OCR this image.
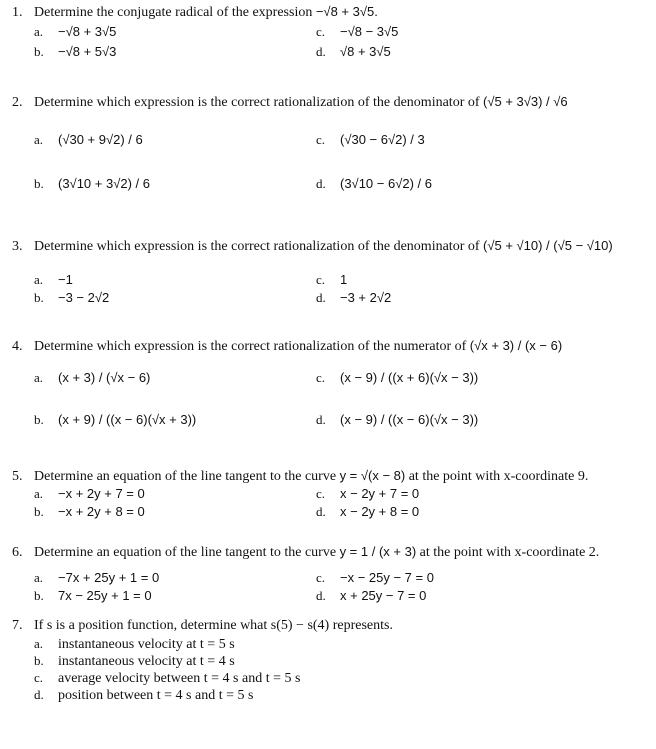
1. Determine the conjugate radical of the expression −√8 + 3√5.
a. −√8 + 3√5
b. −√8 + 5√3
c. −√8 − 3√5
d. √8 + 3√5
2. Determine which expression is the correct rationalization of the denominator of (√5 + 3√3) / √6
a. (√30 + 9√2) / 6
b. (3√10 + 3√2) / 6
c. (√30 − 6√2) / 3
d. (3√10 − 6√2) / 6
3. Determine which expression is the correct rationalization of the denominator of (√5 + √10) / (√5 − √10)
a. −1
b. −3 − 2√2
c. 1
d. −3 + 2√2
4. Determine which expression is the correct rationalization of the numerator of (√x + 3) / (x − 6)
a. (x + 3) / (√x − 6)
b. (x + 9) / ((x − 6)(√x + 3))
c. (x − 9) / ((x + 6)(√x − 3))
d. (x − 9) / ((x − 6)(√x − 3))
5. Determine an equation of the line tangent to the curve y = √(x − 8) at the point with x-coordinate 9.
a. −x + 2y + 7 = 0
b. −x + 2y + 8 = 0
c. x − 2y + 7 = 0
d. x − 2y + 8 = 0
6. Determine an equation of the line tangent to the curve y = 1 / (x + 3) at the point with x-coordinate 2.
a. −7x + 25y + 1 = 0
b. 7x − 25y + 1 = 0
c. −x − 25y − 7 = 0
d. x + 25y − 7 = 0
7. If s is a position function, determine what s(5) − s(4) represents.
a. instantaneous velocity at t = 5 s
b. instantaneous velocity at t = 4 s
c. average velocity between t = 4 s and t = 5 s
d. position between t = 4 s and t = 5 s
